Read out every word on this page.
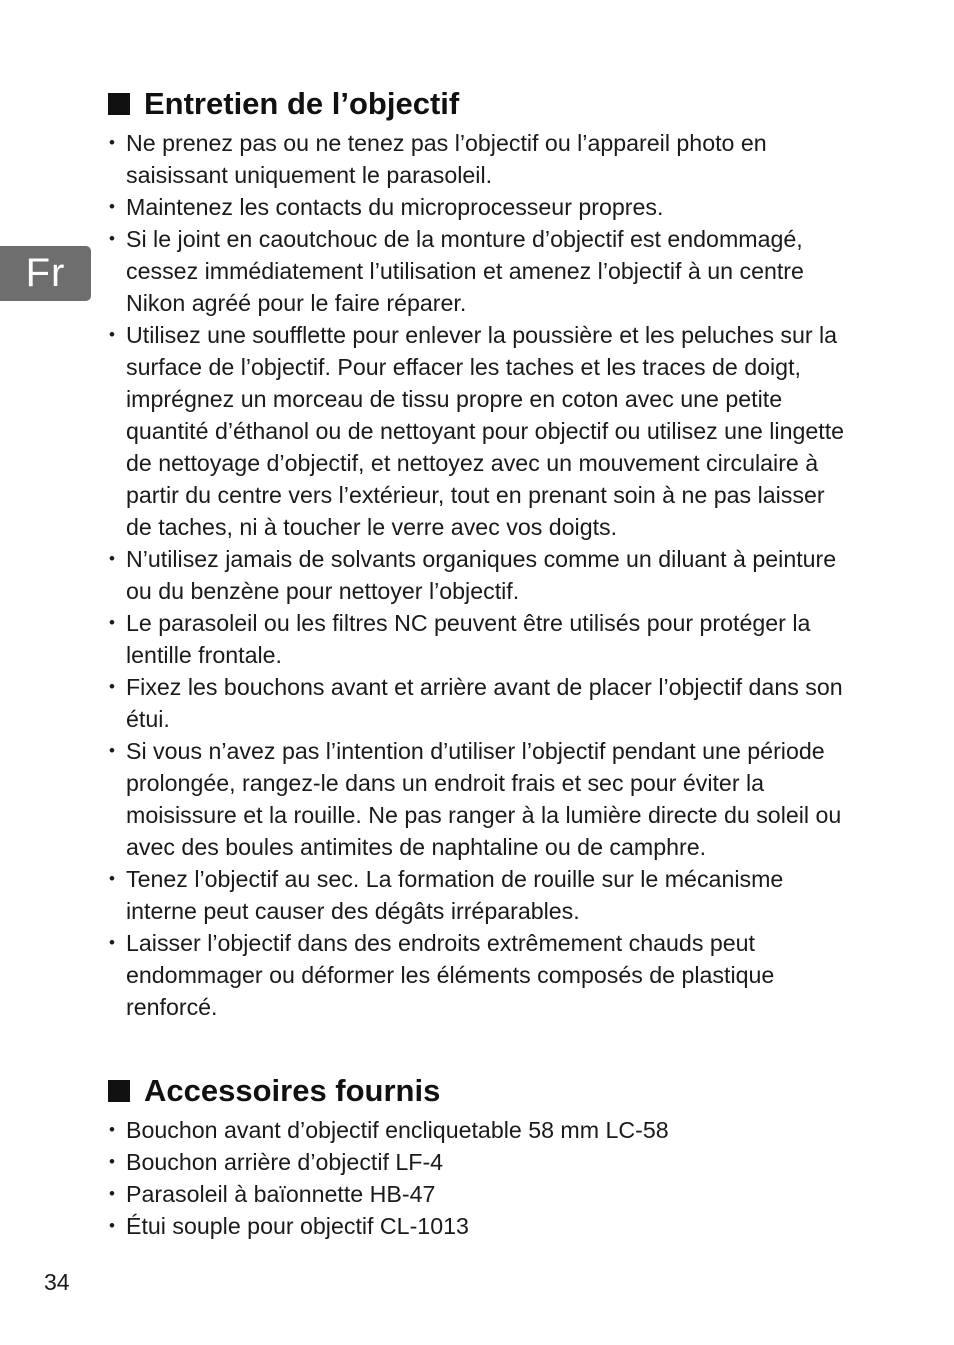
Fr
Entretien de l’objectif
• Ne prenez pas ou ne tenez pas l’objectif ou l’appareil photo en saisissant uniquement le parasoleil.
• Maintenez les contacts du microprocesseur propres.
• Si le joint en caoutchouc de la monture d’objectif est endommagé, cessez immédiatement l’utilisation et amenez l’objectif à un centre Nikon agréé pour le faire réparer.
• Utilisez une soufflette pour enlever la poussière et les peluches sur la surface de l’objectif. Pour effacer les taches et les traces de doigt, imprégnez un morceau de tissu propre en coton avec une petite quantité d’éthanol ou de nettoyant pour objectif ou utilisez une lingette de nettoyage d’objectif, et nettoyez avec un mouvement circulaire à partir du centre vers l’extérieur, tout en prenant soin à ne pas laisser de taches, ni à toucher le verre avec vos doigts.
• N’utilisez jamais de solvants organiques comme un diluant à peinture ou du benzène pour nettoyer l’objectif.
• Le parasoleil ou les filtres NC peuvent être utilisés pour protéger la lentille frontale.
• Fixez les bouchons avant et arrière avant de placer l’objectif dans son étui.
• Si vous n’avez pas l’intention d’utiliser l’objectif pendant une période prolongée, rangez-le dans un endroit frais et sec pour éviter la moisissure et la rouille. Ne pas ranger à la lumière directe du soleil ou avec des boules antimites de naphtaline ou de camphre.
• Tenez l’objectif au sec. La formation de rouille sur le mécanisme interne peut causer des dégâts irréparables.
• Laisser l’objectif dans des endroits extrêmement chauds peut endommager ou déformer les éléments composés de plastique renforcé.
Accessoires fournis
• Bouchon avant d’objectif encliquetable 58 mm LC-58
• Bouchon arrière d’objectif LF-4
• Parasoleil à baïonnette HB-47
• Étui souple pour objectif CL-1013
34
